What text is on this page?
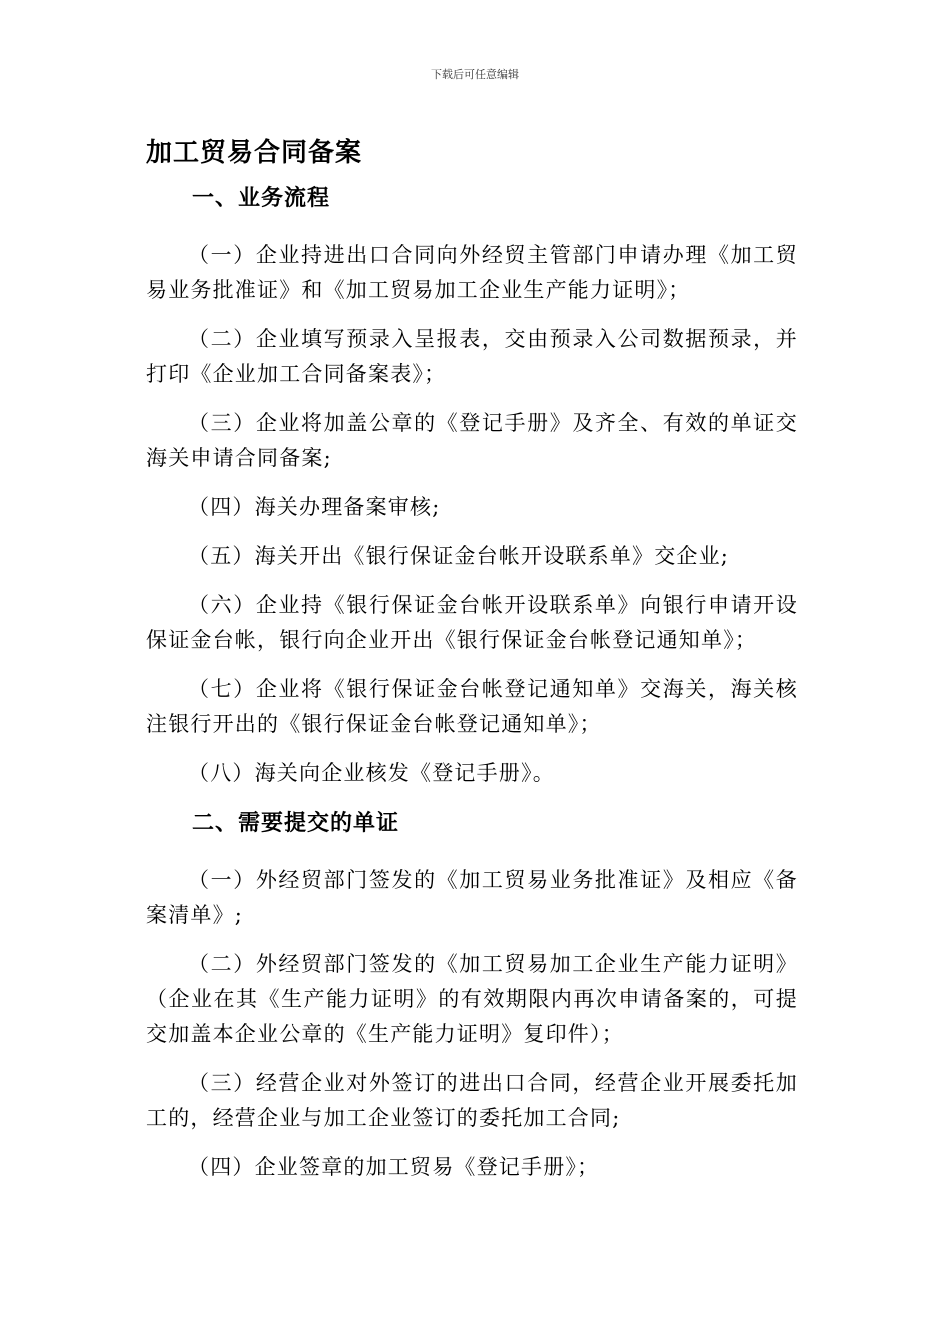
下载后可任意编辑
加工贸易合同备案
一、业务流程

（一）企业持进出口合同向外经贸主管部门申请办理《加工贸易业务批准证》和《加工贸易加工企业生产能力证明》；

（二）企业填写预录入呈报表，交由预录入公司数据预录，并打印《企业加工合同备案表》；

（三）企业将加盖公章的《登记手册》及齐全、有效的单证交海关申请合同备案;

（四）海关办理备案审核;

（五）海关开出《银行保证金台帐开设联系单》交企业;

（六）企业持《银行保证金台帐开设联系单》向银行申请开设保证金台帐，银行向企业开出《银行保证金台帐登记通知单》；

（七）企业将《银行保证金台帐登记通知单》交海关，海关核注银行开出的《银行保证金台帐登记通知单》；

（八）海关向企业核发《登记手册》。

二、需要提交的单证

（一）外经贸部门签发的《加工贸易业务批准证》及相应《备案清单》;

（二）外经贸部门签发的《加工贸易加工企业生产能力证明》（企业在其《生产能力证明》的有效期限内再次申请备案的，可提交加盖本企业公章的《生产能力证明》复印件）；

（三）经营企业对外签订的进出口合同，经营企业开展委托加工的，经营企业与加工企业签订的委托加工合同;

（四）企业签章的加工贸易《登记手册》；
